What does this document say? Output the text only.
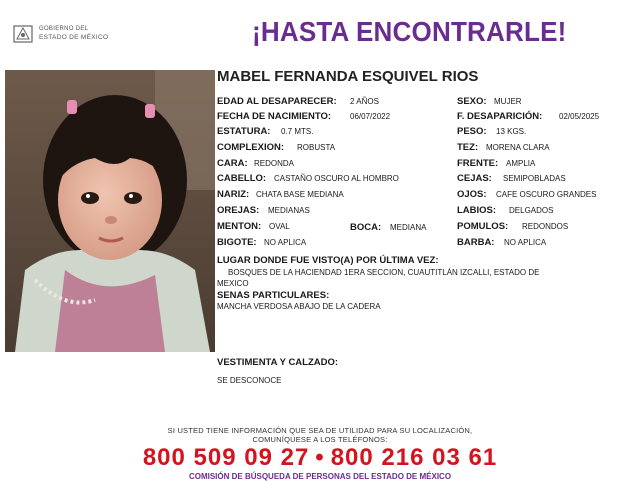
GOBIERNO DEL
ESTADO DE MÉXICO	¡HASTA ENCONTRARLE!
MABEL FERNANDA ESQUIVEL RIOS
EDAD AL DESAPARECER: 2 AÑOS
FECHA DE NACIMIENTO: 06/07/2022
ESTATURA: 0.7 MTS.
COMPLEXION: ROBUSTA
CARA: REDONDA
CABELLO: CASTAÑO OSCURO AL HOMBRO
NARIZ: CHATA BASE MEDIANA
OREJAS: MEDIANAS
MENTON: OVAL	BOCA: MEDIANA
BIGOTE: NO APLICA
SEXO: MUJER
F. DESAPARICIÓN: 02/05/2025
PESO: 13 KGS.
TEZ: MORENA CLARA
FRENTE: AMPLIA
CEJAS: SEMIPOBLADAS
OJOS: CAFE OSCURO GRANDES
LABIOS: DELGADOS
POMULOS: REDONDOS
BARBA: NO APLICA
LUGAR DONDE FUE VISTO(A) POR ÚLTIMA VEZ:
BOSQUES DE LA HACIENDAD 1ERA SECCION, CUAUTITLÁN IZCALLI, ESTADO DE
MEXICO
SENAS PARTICULARES:
MANCHA VERDOSA ABAJO DE LA CADERA
VESTIMENTA Y CALZADO:
SE DESCONOCE
SI USTED TIENE INFORMACIÓN QUE SEA DE UTILIDAD PARA SU LOCALIZACIÓN,
COMUNÍQUESE A LOS TELÉFONOS:
800 509 09 27 • 800 216 03 61
COMISIÓN DE BÚSQUEDA DE PERSONAS DEL ESTADO DE MÉXICO
